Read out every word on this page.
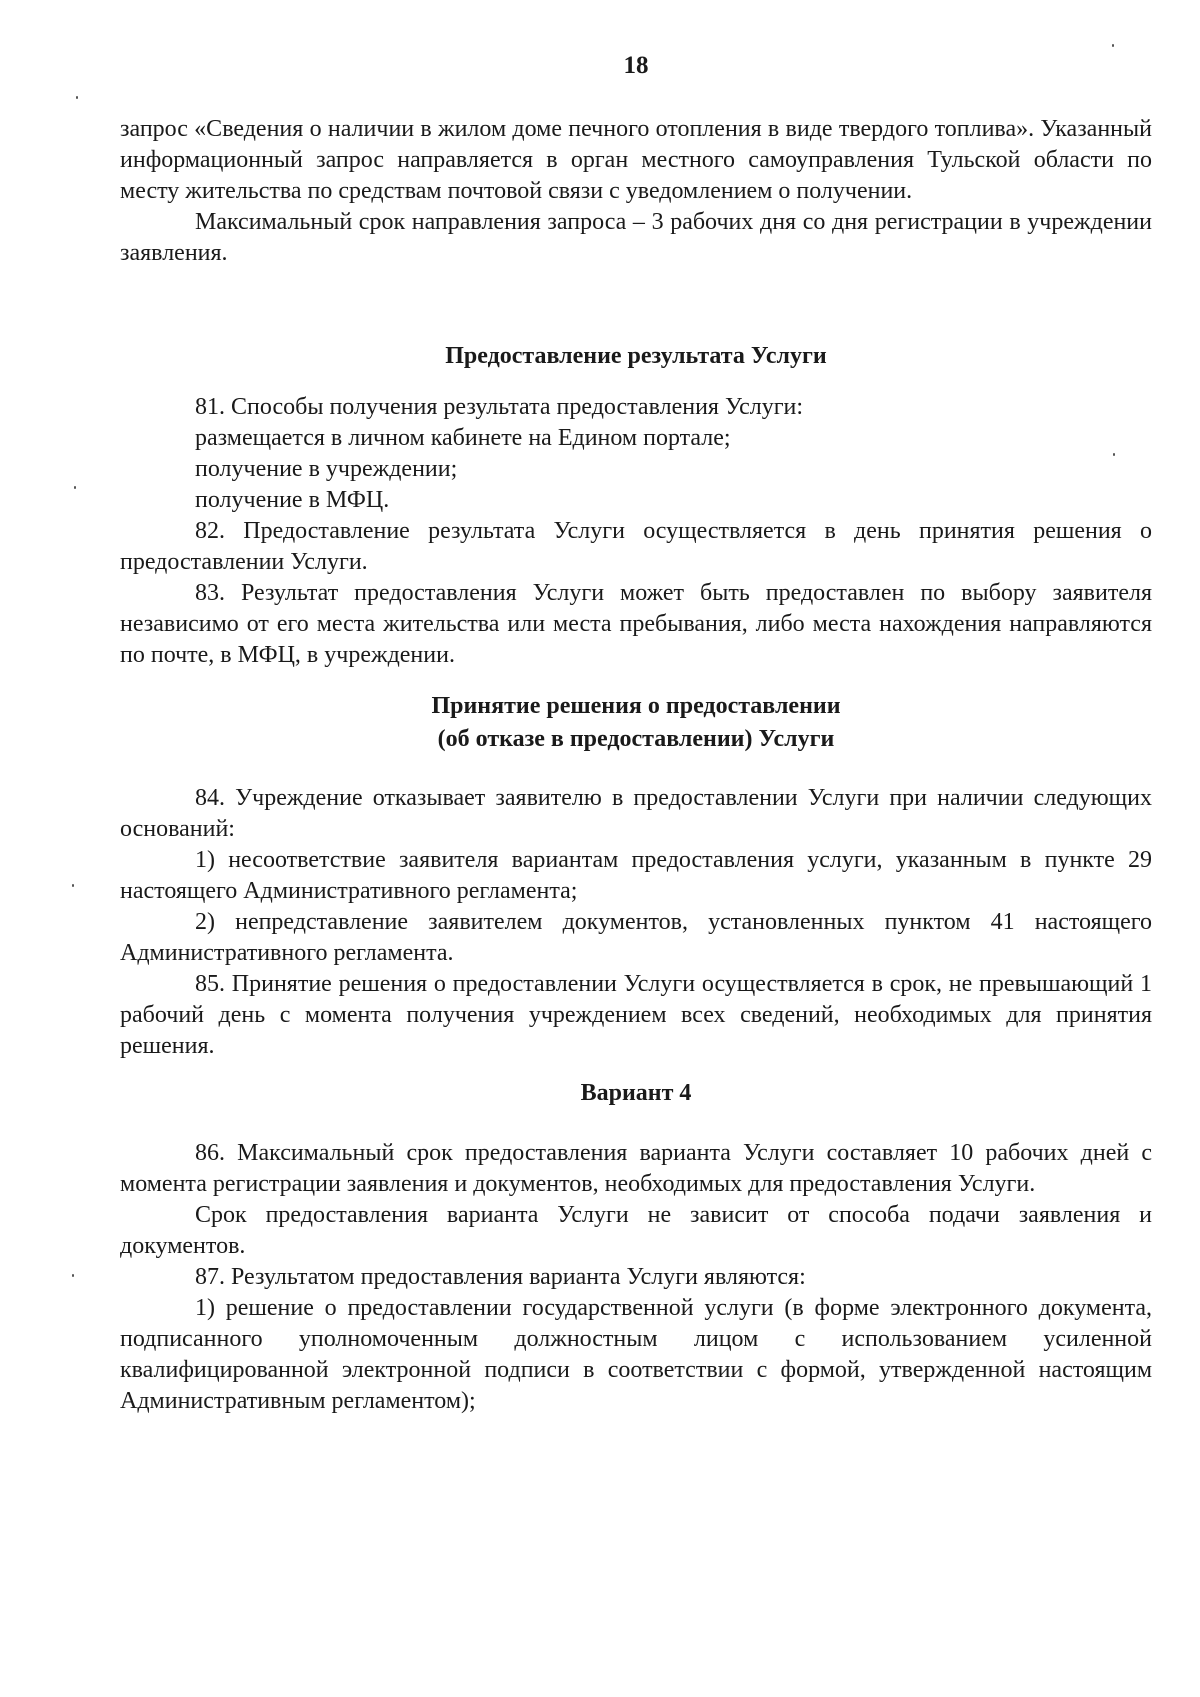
18

запрос «Сведения о наличии в жилом доме печного отопления в виде твердого топлива». Указанный информационный запрос направляется в орган местного самоуправления Тульской области по месту жительства по средствам почтовой связи с уведомлением о получении.

Максимальный срок направления запроса – 3 рабочих дня со дня регистрации в учреждении заявления.

Предоставление результата Услуги

81. Способы получения результата предоставления Услуги:

размещается в личном кабинете на Едином портале;

получение в учреждении;

получение в МФЦ.

82. Предоставление результата Услуги осуществляется в день принятия решения о предоставлении Услуги.

83. Результат предоставления Услуги может быть предоставлен по выбору заявителя независимо от его места жительства или места пребывания, либо места нахождения направляются по почте, в МФЦ, в учреждении.

Принятие решения о предоставлении
(об отказе в предоставлении) Услуги

84. Учреждение отказывает заявителю в предоставлении Услуги при наличии следующих оснований:

1) несоответствие заявителя вариантам предоставления услуги, указанным в пункте 29 настоящего Административного регламента;

2) непредставление заявителем документов, установленных пунктом 41 настоящего Административного регламента.

85. Принятие решения о предоставлении Услуги осуществляется в срок, не превышающий 1 рабочий день с момента получения учреждением всех сведений, необходимых для принятия решения.

Вариант 4

86. Максимальный срок предоставления варианта Услуги составляет 10 рабочих дней с момента регистрации заявления и документов, необходимых для предоставления Услуги.

Срок предоставления варианта Услуги не зависит от способа подачи заявления и документов.

87. Результатом предоставления варианта Услуги являются:

1) решение о предоставлении государственной услуги (в форме электронного документа, подписанного уполномоченным должностным лицом с использованием усиленной квалифицированной электронной подписи в соответствии с формой, утвержденной настоящим Административным регламентом);
